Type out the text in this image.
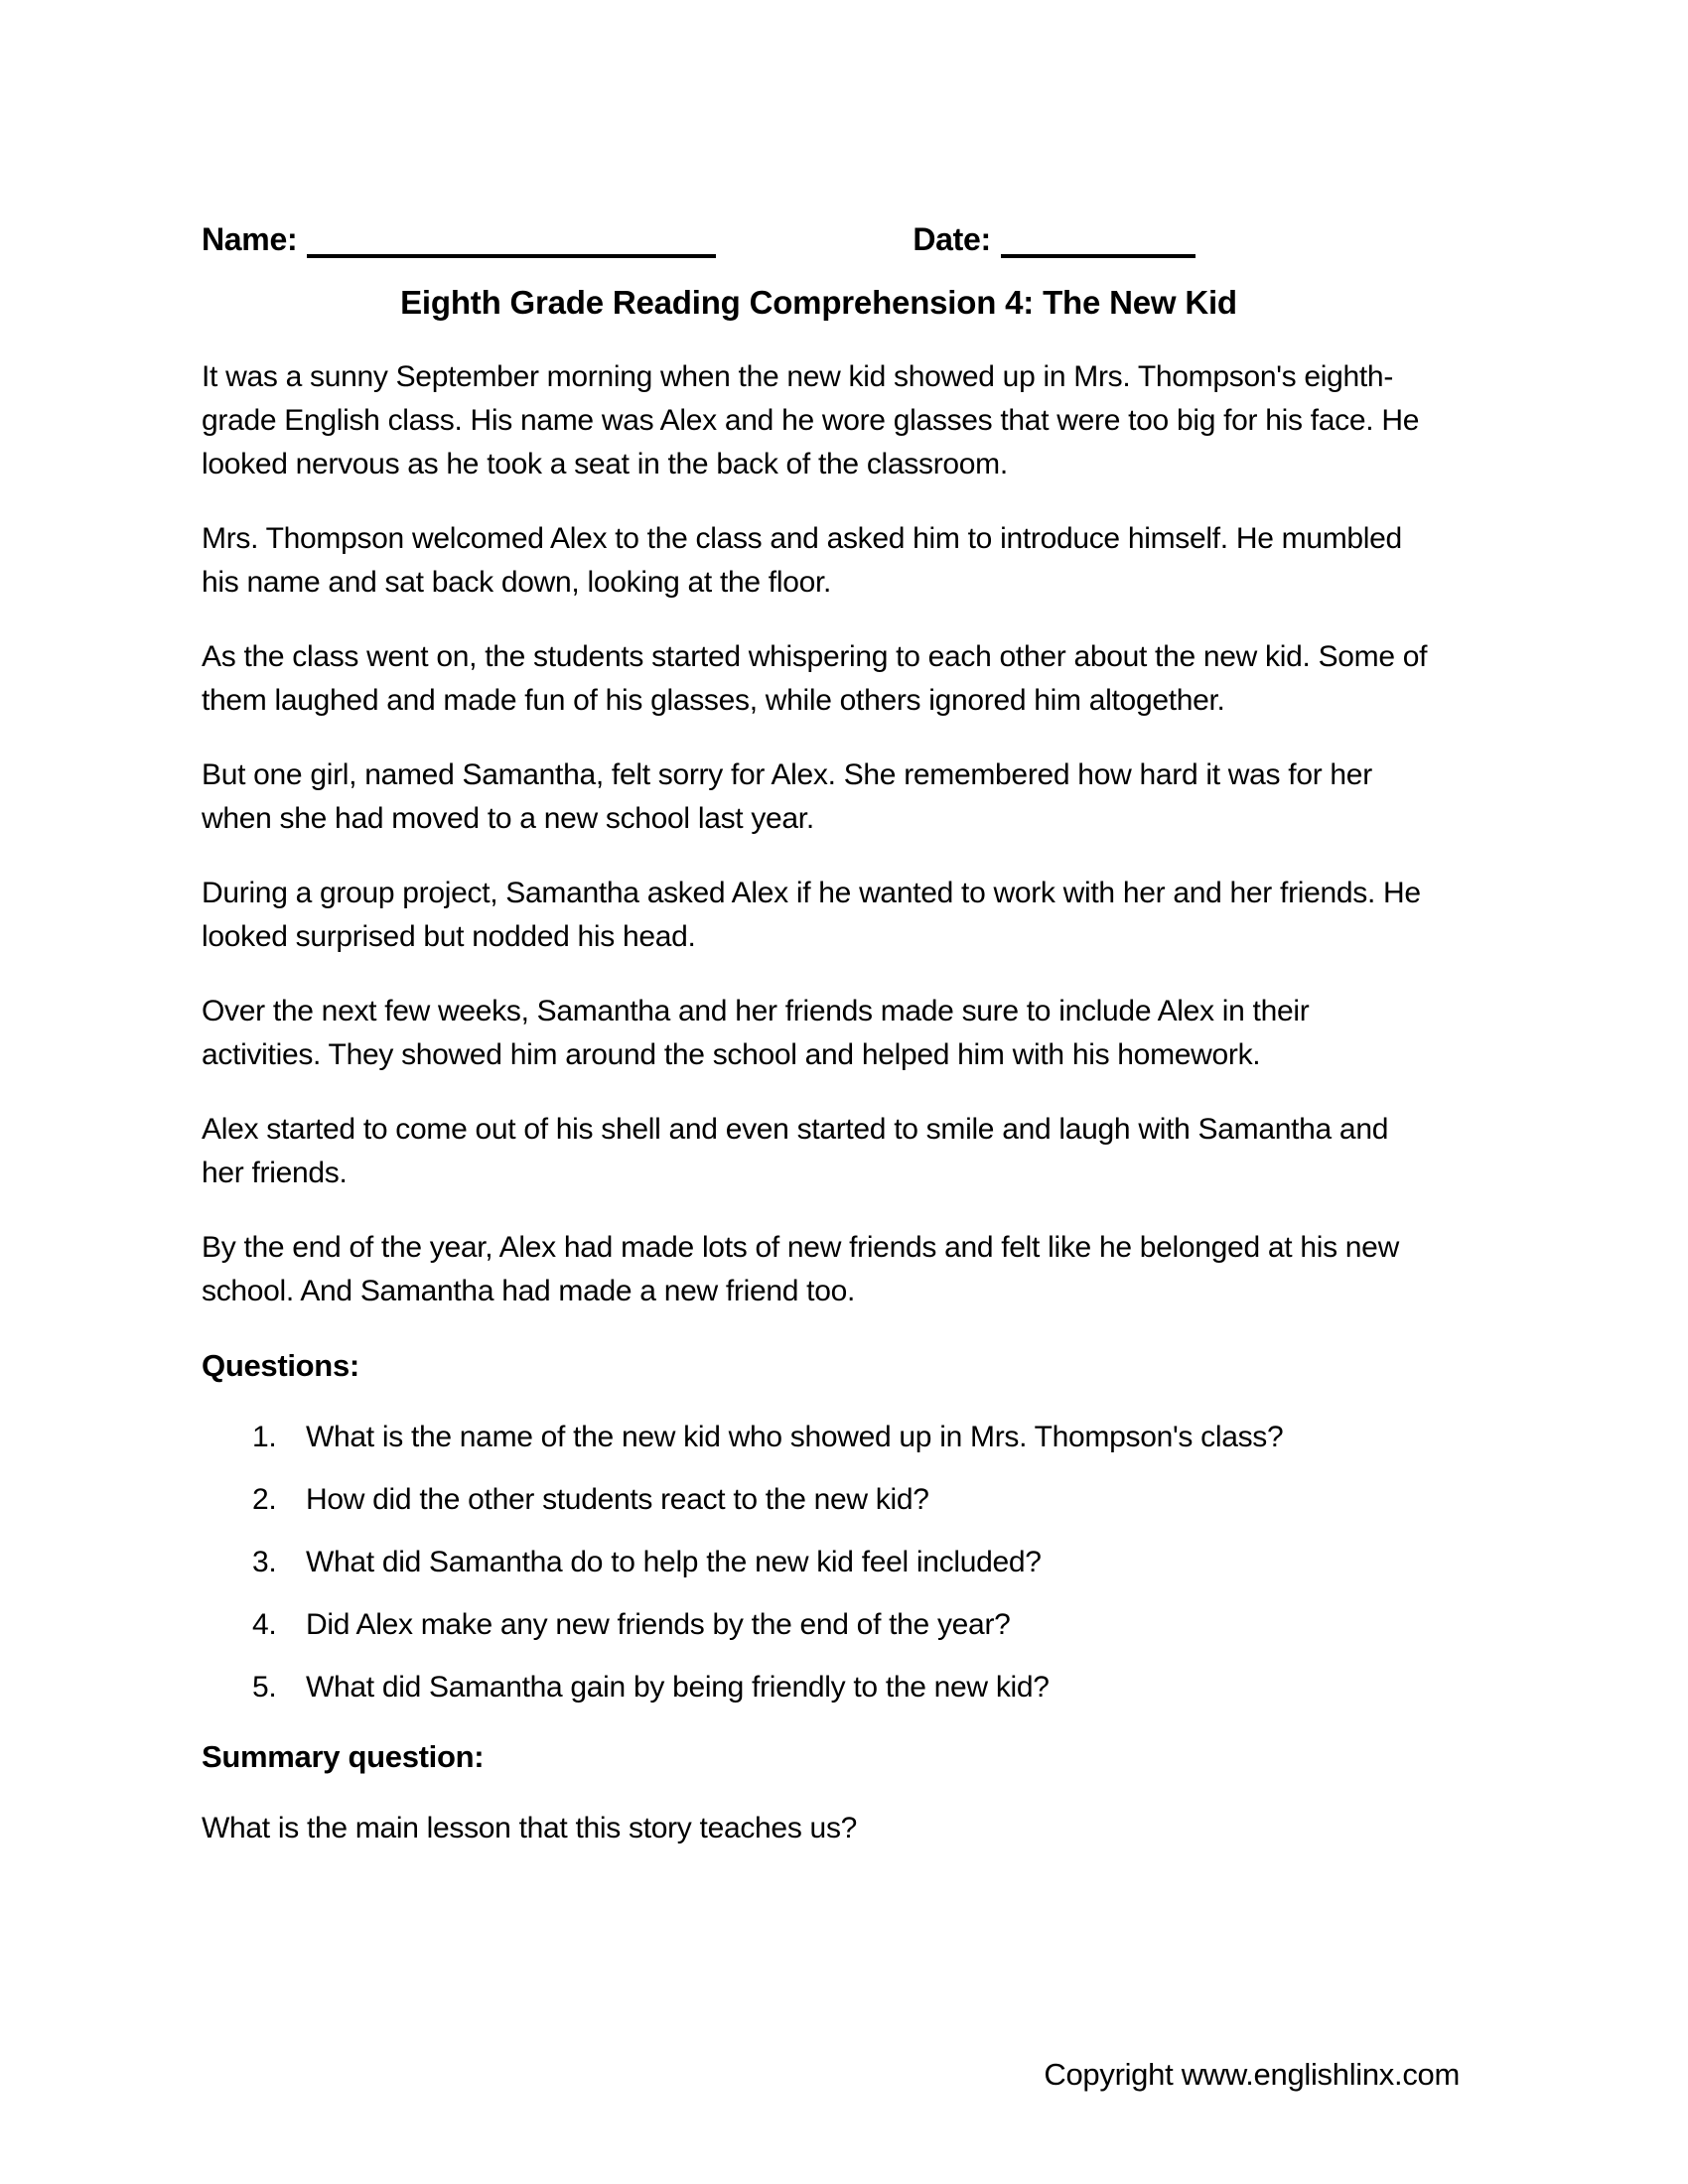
Name:	Date:
Eighth Grade Reading Comprehension 4: The New Kid

It was a sunny September morning when the new kid showed up in Mrs. Thompson's eighth-grade English class. His name was Alex and he wore glasses that were too big for his face. He looked nervous as he took a seat in the back of the classroom.

Mrs. Thompson welcomed Alex to the class and asked him to introduce himself. He mumbled his name and sat back down, looking at the floor.

As the class went on, the students started whispering to each other about the new kid. Some of them laughed and made fun of his glasses, while others ignored him altogether.

But one girl, named Samantha, felt sorry for Alex. She remembered how hard it was for her when she had moved to a new school last year.

During a group project, Samantha asked Alex if he wanted to work with her and her friends. He looked surprised but nodded his head.

Over the next few weeks, Samantha and her friends made sure to include Alex in their activities. They showed him around the school and helped him with his homework.

Alex started to come out of his shell and even started to smile and laugh with Samantha and her friends.

By the end of the year, Alex had made lots of new friends and felt like he belonged at his new school. And Samantha had made a new friend too.

Questions:
1. What is the name of the new kid who showed up in Mrs. Thompson's class?
2. How did the other students react to the new kid?
3. What did Samantha do to help the new kid feel included?
4. Did Alex make any new friends by the end of the year?
5. What did Samantha gain by being friendly to the new kid?
Summary question:

What is the main lesson that this story teaches us?

Copyright www.englishlinx.com
